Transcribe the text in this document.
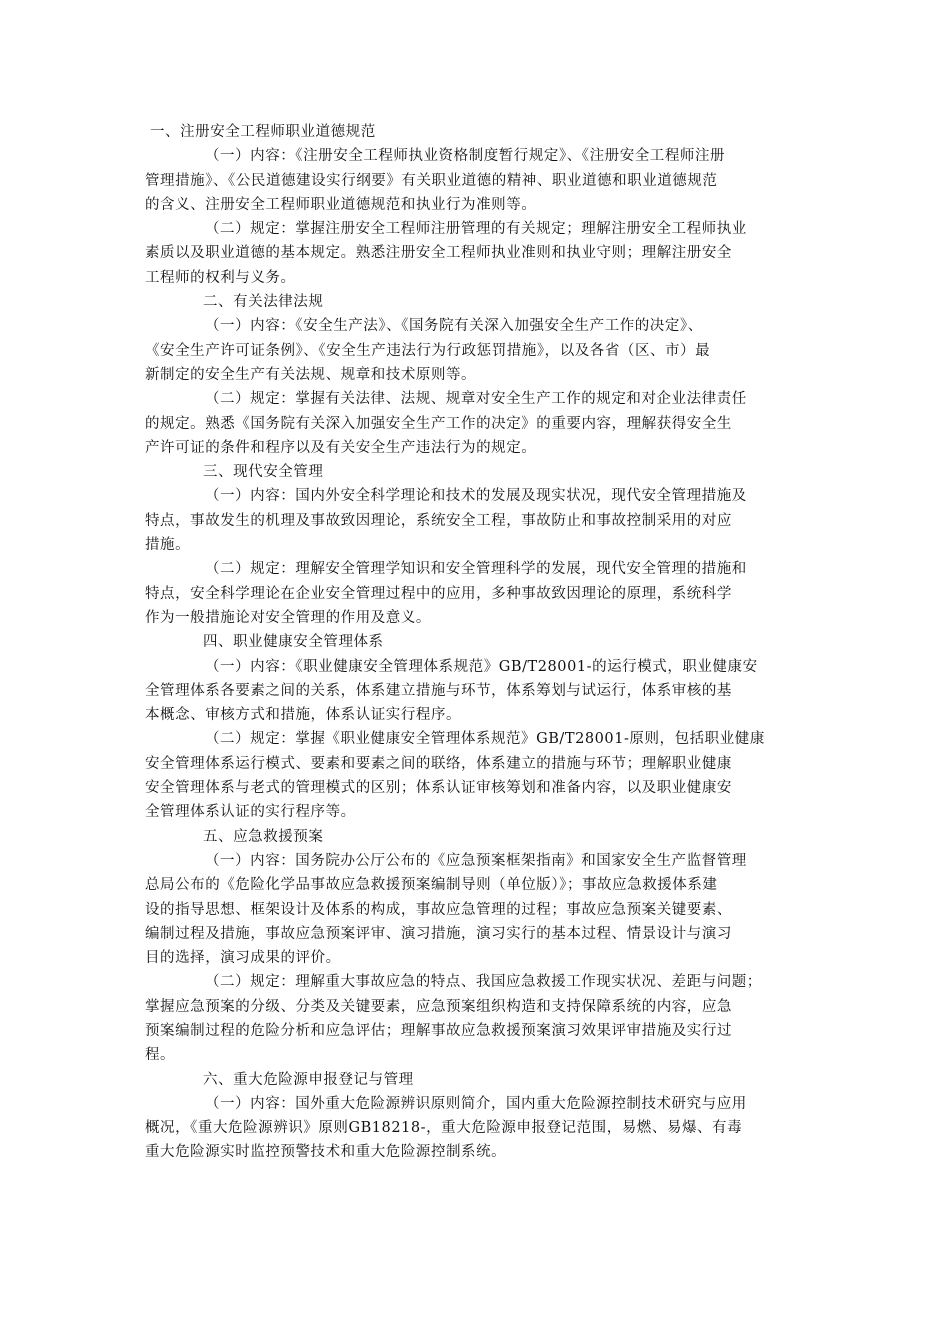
一、注册安全工程师职业道德规范
（一）内容：《注册安全工程师执业资格制度暂行规定》、《注册安全工程师注册
管理措施》、《公民道德建设实行纲要》有关职业道德的精神、职业道德和职业道德规范
的含义、注册安全工程师职业道德规范和执业行为准则等。
（二）规定：掌握注册安全工程师注册管理的有关规定；理解注册安全工程师执业
素质以及职业道德的基本规定。熟悉注册安全工程师执业准则和执业守则；理解注册安全
工程师的权利与义务。
二、有关法律法规
（一）内容：《安全生产法》、《国务院有关深入加强安全生产工作的决定》、
《安全生产许可证条例》、《安全生产违法行为行政惩罚措施》，以及各省（区、市）最
新制定的安全生产有关法规、规章和技术原则等。
（二）规定：掌握有关法律、法规、规章对安全生产工作的规定和对企业法律责任
的规定。熟悉《国务院有关深入加强安全生产工作的决定》的重要内容，理解获得安全生
产许可证的条件和程序以及有关安全生产违法行为的规定。
三、现代安全管理
（一）内容：国内外安全科学理论和技术的发展及现实状况，现代安全管理措施及
特点，事故发生的机理及事故致因理论，系统安全工程，事故防止和事故控制采用的对应
措施。
（二）规定：理解安全管理学知识和安全管理科学的发展，现代安全管理的措施和
特点，安全科学理论在企业安全管理过程中的应用，多种事故致因理论的原理，系统科学
作为一般措施论对安全管理的作用及意义。
四、职业健康安全管理体系
（一）内容：《职业健康安全管理体系规范》GB/T28001-的运行模式，职业健康安
全管理体系各要素之间的关系，体系建立措施与环节，体系筹划与试运行，体系审核的基
本概念、审核方式和措施，体系认证实行程序。
（二）规定：掌握《职业健康安全管理体系规范》GB/T28001-原则，包括职业健康
安全管理体系运行模式、要素和要素之间的联络，体系建立的措施与环节；理解职业健康
安全管理体系与老式的管理模式的区别；体系认证审核筹划和准备内容，以及职业健康安
全管理体系认证的实行程序等。
五、应急救援预案
（一）内容：国务院办公厅公布的《应急预案框架指南》和国家安全生产监督管理
总局公布的《危险化学品事故应急救援预案编制导则（单位版）》；事故应急救援体系建
设的指导思想、框架设计及体系的构成，事故应急管理的过程；事故应急预案关键要素、
编制过程及措施，事故应急预案评审、演习措施，演习实行的基本过程、情景设计与演习
目的选择，演习成果的评价。
（二）规定：理解重大事故应急的特点、我国应急救援工作现实状况、差距与问题；
掌握应急预案的分级、分类及关键要素，应急预案组织构造和支持保障系统的内容，应急
预案编制过程的危险分析和应急评估；理解事故应急救援预案演习效果评审措施及实行过
程。
六、重大危险源申报登记与管理
（一）内容：国外重大危险源辨识原则简介，国内重大危险源控制技术研究与应用
概况，《重大危险源辨识》原则GB18218-，重大危险源申报登记范围，易燃、易爆、有毒
重大危险源实时监控预警技术和重大危险源控制系统。
